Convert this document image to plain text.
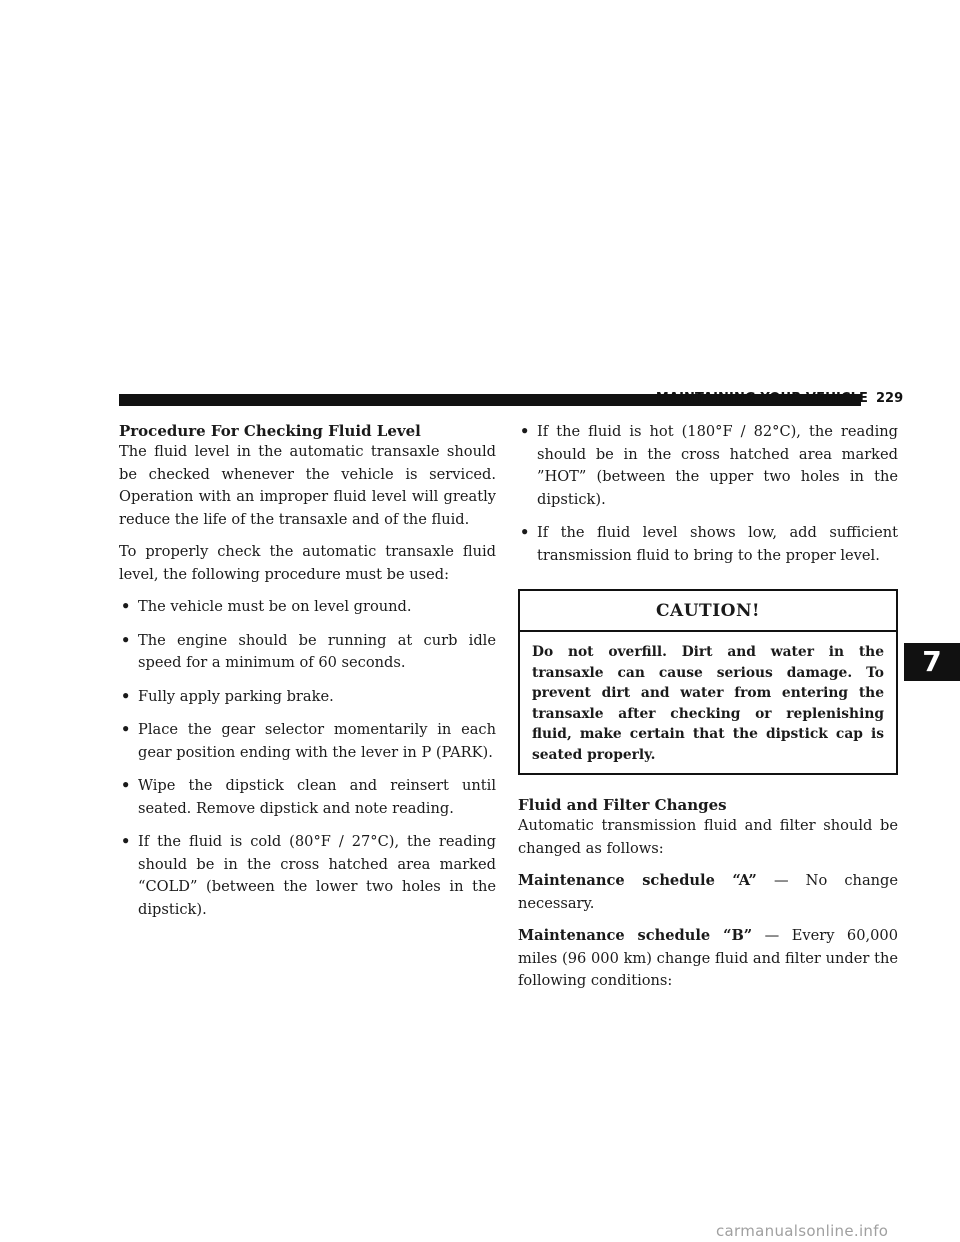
MAINTAINING YOUR VEHICLE 229
Procedure For Checking Fluid Level

The fluid level in the automatic transaxle should be checked whenever the vehicle is serviced. Operation with an improper fluid level will greatly reduce the life of the transaxle and of the fluid.

To properly check the automatic transaxle fluid level, the following procedure must be used:

• The vehicle must be on level ground.
• The engine should be running at curb idle speed for a minimum of 60 seconds.
• Fully apply parking brake.
• Place the gear selector momentarily in each gear position ending with the lever in P (PARK).
• Wipe the dipstick clean and reinsert until seated. Remove dipstick and note reading.
• If the fluid is cold (80°F / 27°C), the reading should be in the cross hatched area marked “COLD” (between the lower two holes in the dipstick).
• If the fluid is hot (180°F / 82°C), the reading should be in the cross hatched area marked ”HOT” (between the upper two holes in the dipstick).
• If the fluid level shows low, add sufficient transmission fluid to bring to the proper level.
CAUTION!
Do not overfill. Dirt and water in the transaxle can cause serious damage. To prevent dirt and water from entering the transaxle after checking or replenishing fluid, make certain that the dipstick cap is seated properly.
Fluid and Filter Changes

Automatic transmission fluid and filter should be changed as follows:

Maintenance schedule “A” — No change necessary.

Maintenance schedule “B” — Every 60,000 miles (96 000 km) change fluid and filter under the following conditions:

7
carmanualsonline.info
